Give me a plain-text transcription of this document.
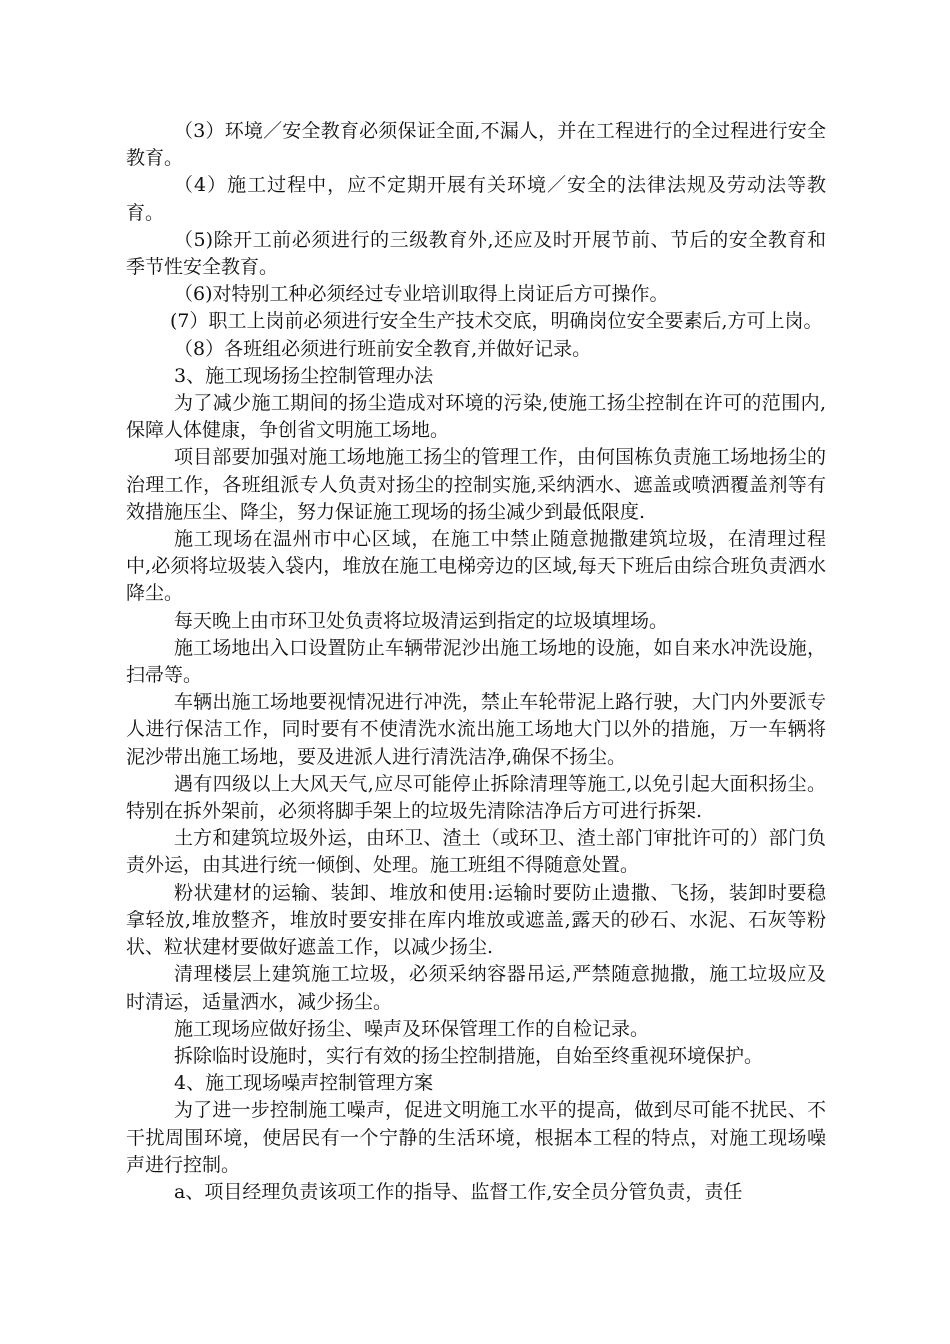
（3）环境／安全教育必须保证全面,不漏人，并在工程进行的全过程进行安全教育。

（4）施工过程中，应不定期开展有关环境／安全的法律法规及劳动法等教育。

（5)除开工前必须进行的三级教育外,还应及时开展节前、节后的安全教育和季节性安全教育。

（6)对特别工种必须经过专业培训取得上岗证后方可操作。

(7）职工上岗前必须进行安全生产技术交底，明确岗位安全要素后,方可上岗。

（8）各班组必须进行班前安全教育,并做好记录。

3、施工现场扬尘控制管理办法

为了减少施工期间的扬尘造成对环境的污染,使施工扬尘控制在许可的范围内,保障人体健康，争创省文明施工场地。

项目部要加强对施工场地施工扬尘的管理工作，由何国栋负责施工场地扬尘的治理工作，各班组派专人负责对扬尘的控制实施,采纳洒水、遮盖或喷洒覆盖剂等有效措施压尘、降尘，努力保证施工现场的扬尘减少到最低限度.

施工现场在温州市中心区域，在施工中禁止随意抛撒建筑垃圾，在清理过程中,必须将垃圾装入袋内，堆放在施工电梯旁边的区域,每天下班后由综合班负责洒水降尘。

每天晚上由市环卫处负责将垃圾清运到指定的垃圾填埋场。

施工场地出入口设置防止车辆带泥沙出施工场地的设施，如自来水冲洗设施，扫帚等。

车辆出施工场地要视情况进行冲洗，禁止车轮带泥上路行驶，大门内外要派专人进行保洁工作，同时要有不使清洗水流出施工场地大门以外的措施，万一车辆将泥沙带出施工场地，要及进派人进行清洗洁净,确保不扬尘。

遇有四级以上大风天气,应尽可能停止拆除清理等施工,以免引起大面积扬尘。特别在拆外架前，必须将脚手架上的垃圾先清除洁净后方可进行拆架.

土方和建筑垃圾外运，由环卫、渣土（或环卫、渣土部门审批许可的）部门负责外运，由其进行统一倾倒、处理。施工班组不得随意处置。

粉状建材的运输、装卸、堆放和使用:运输时要防止遗撒、飞扬，装卸时要稳拿轻放,堆放整齐，堆放时要安排在库内堆放或遮盖,露天的砂石、水泥、石灰等粉状、粒状建材要做好遮盖工作，以减少扬尘.

清理楼层上建筑施工垃圾，必须采纳容器吊运,严禁随意抛撒，施工垃圾应及时清运，适量洒水，减少扬尘。

施工现场应做好扬尘、噪声及环保管理工作的自检记录。

拆除临时设施时，实行有效的扬尘控制措施，自始至终重视环境保护。

4、施工现场噪声控制管理方案

为了进一步控制施工噪声，促进文明施工水平的提高，做到尽可能不扰民、不干扰周围环境，使居民有一个宁静的生活环境，根据本工程的特点，对施工现场噪声进行控制。

a、项目经理负责该项工作的指导、监督工作,安全员分管负责，责任
